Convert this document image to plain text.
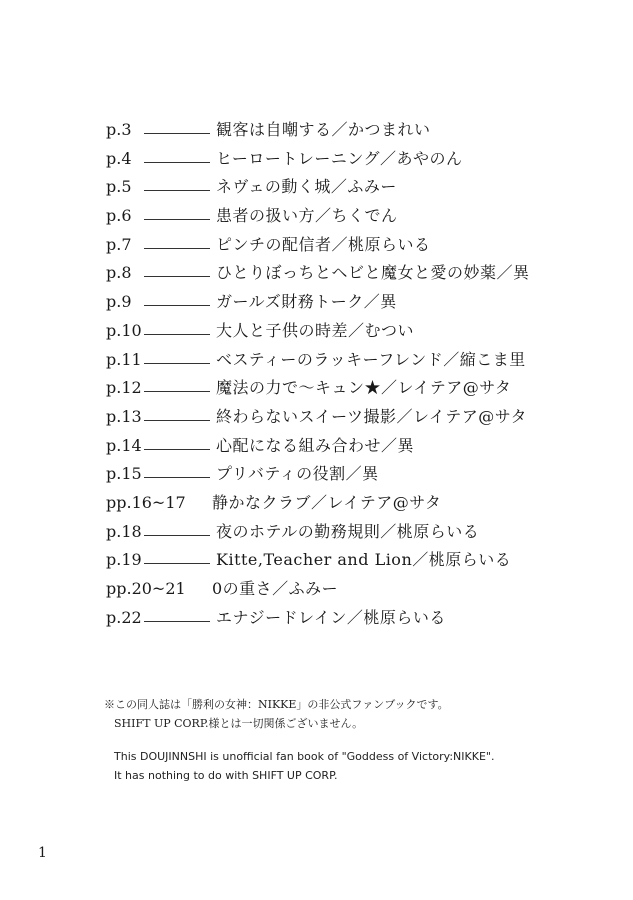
p.3	観客は自嘲する／かつまれい
p.4	ヒーロートレーニング／あやのん
p.5	ネヴェの動く城／ふみー
p.6	患者の扱い方／ちくでん
p.7	ピンチの配信者／桃原らいる
p.8	ひとりぼっちとヘビと魔女と愛の妙薬／異
p.9	ガールズ財務トーク／異
p.10	大人と子供の時差／むつい
p.11	ベスティーのラッキーフレンド／縮こま里
p.12	魔法の力で〜キュン★／レイテア@サタ
p.13	終わらないスイーツ撮影／レイテア@サタ
p.14	心配になる組み合わせ／異
p.15	プリバティの役割／異
pp.16~17	静かなクラブ／レイテア@サタ
p.18	夜のホテルの勤務規則／桃原らいる
p.19	Kitte,Teacher and Lion／桃原らいる
pp.20~21	0の重さ／ふみー
p.22	エナジードレイン／桃原らいる
※この同人誌は「勝利の女神：NIKKE」の非公式ファンブックです。
SHIFT UP CORP.様とは一切関係ございません。
This DOUJINNSHI is unofficial fan book of "Goddess of Victory:NIKKE".
It has nothing to do with SHIFT UP CORP.
1
